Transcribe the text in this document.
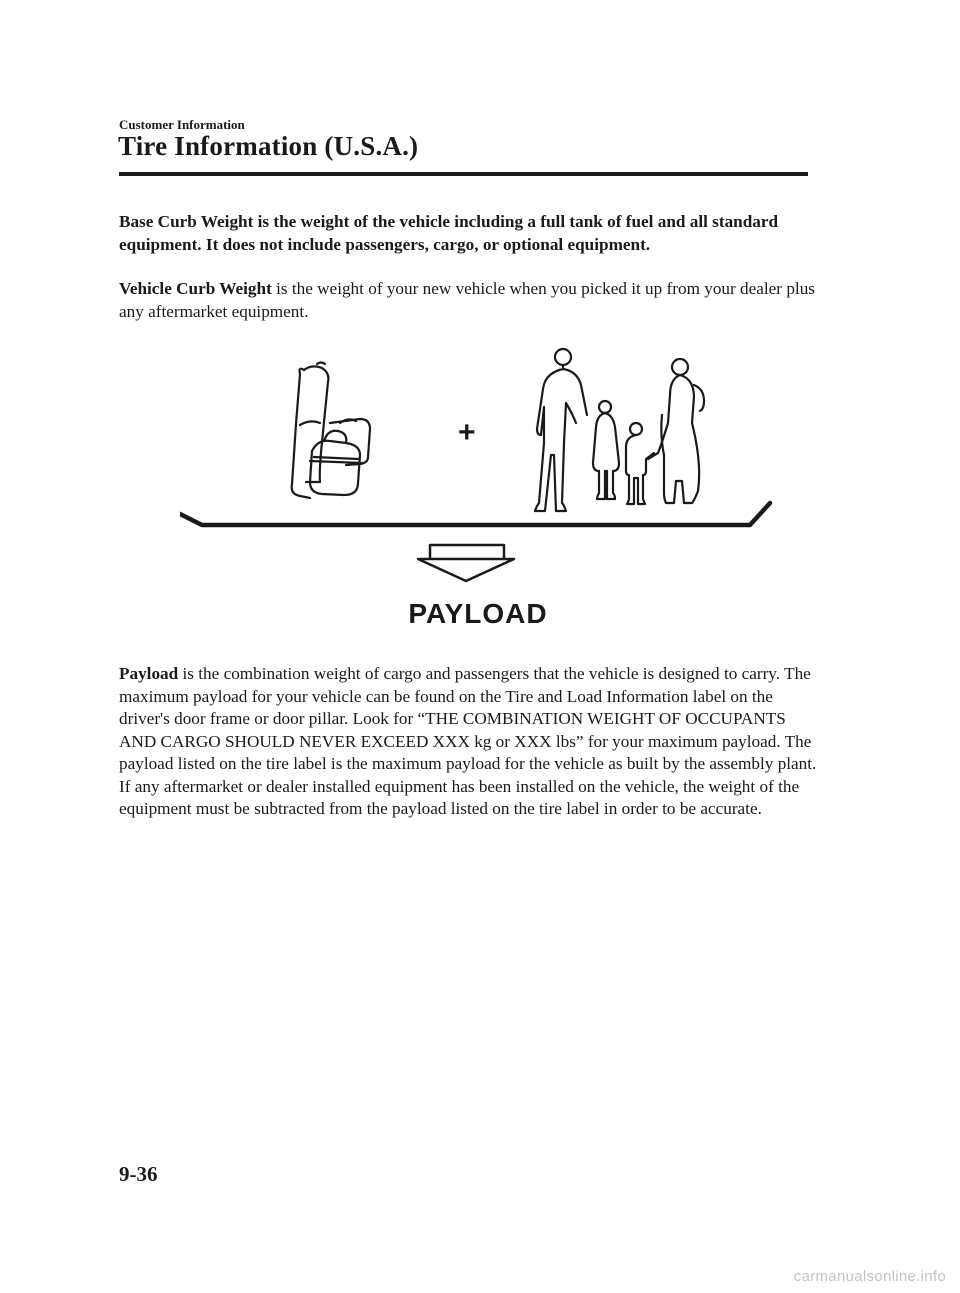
Customer Information
Tire Information (U.S.A.)

Base Curb Weight is the weight of the vehicle including a full tank of fuel and all standard equipment. It does not include passengers, cargo, or optional equipment.

Vehicle Curb Weight is the weight of your new vehicle when you picked it up from your dealer plus any aftermarket equipment.

+
PAYLOAD

Payload is the combination weight of cargo and passengers that the vehicle is designed to carry. The maximum payload for your vehicle can be found on the Tire and Load Information label on the driver's door frame or door pillar. Look for “THE COMBINATION WEIGHT OF OCCUPANTS AND CARGO SHOULD NEVER EXCEED XXX kg or XXX lbs” for your maximum payload. The payload listed on the tire label is the maximum payload for the vehicle as built by the assembly plant. If any aftermarket or dealer installed equipment has been installed on the vehicle, the weight of the equipment must be subtracted from the payload listed on the tire label in order to be accurate.

9-36
carmanualsonline.info
